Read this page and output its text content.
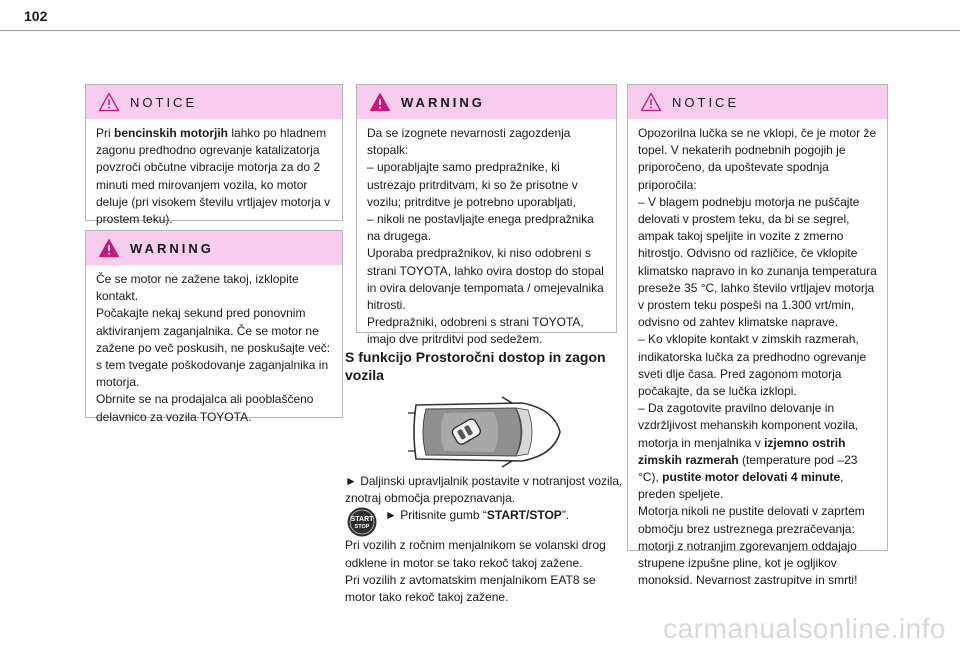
102
NOTICE

Pri bencinskih motorjih lahko po hladnem zagonu predhodno ogrevanje katalizatorja povzroči občutne vibracije motorja za do 2 minuti med mirovanjem vozila, ko motor deluje (pri visokem številu vrtljajev motorja v prostem teku).

WARNING

Če se motor ne zažene takoj, izklopite kontakt.

Počakajte nekaj sekund pred ponovnim aktiviranjem zaganjalnika. Če se motor ne zažene po več poskusih, ne poskušajte več: s tem tvegate poškodovanje zaganjalnika in motorja.

Obrnite se na prodajalca ali pooblaščeno delavnico za vozila TOYOTA.

WARNING

Da se izognete nevarnosti zagozdenja stopalk:

– uporabljajte samo predpražnike, ki ustrezajo pritrditvam, ki so že prisotne v vozilu; pritrditve je potrebno uporabljati,

– nikoli ne postavljajte enega predpražnika na drugega.

Uporaba predpražnikov, ki niso odobreni s strani TOYOTA, lahko ovira dostop do stopal in ovira delovanje tempomata / omejevalnika hitrosti.

Predpražniki, odobreni s strani TOYOTA, imajo dve pritrditvi pod sedežem.

S funkcijo Prostoročni dostop in zagon vozila

► Daljinski upravljalnik postavite v notranjost vozila, znotraj območja prepoznavanja.

START
STOP
► Pritisnite gumb “START/STOP”.

Pri vozilih z ročnim menjalnikom se volanski drog odklene in motor se tako rekoč takoj zažene.

Pri vozilih z avtomatskim menjalnikom EAT8 se motor tako rekoč takoj zažene.

NOTICE

Opozorilna lučka se ne vklopi, če je motor že topel. V nekaterih podnebnih pogojih je priporočeno, da upoštevate spodnja priporočila:

– V blagem podnebju motorja ne puščajte delovati v prostem teku, da bi se segrel, ampak takoj speljite in vozite z zmerno hitrostjo. Odvisno od različice, če vklopite klimatsko napravo in ko zunanja temperatura preseže 35 °C, lahko število vrtljajev motorja v prostem teku pospeši na 1.300 vrt/min, odvisno od zahtev klimatske naprave.

– Ko vklopite kontakt v zimskih razmerah, indikatorska lučka za predhodno ogrevanje sveti dlje časa. Pred zagonom motorja počakajte, da se lučka izklopi.

– Da zagotovite pravilno delovanje in vzdržljivost mehanskih komponent vozila, motorja in menjalnika v izjemno ostrih zimskih razmerah (temperature pod –23 °C), pustite motor delovati 4 minute, preden speljete.

Motorja nikoli ne pustite delovati v zaprtem območju brez ustreznega prezračevanja: motorji z notranjim zgorevanjem oddajajo strupene izpušne pline, kot je ogljikov monoksid. Nevarnost zastrupitve in smrti!

carmanualsonline.info
